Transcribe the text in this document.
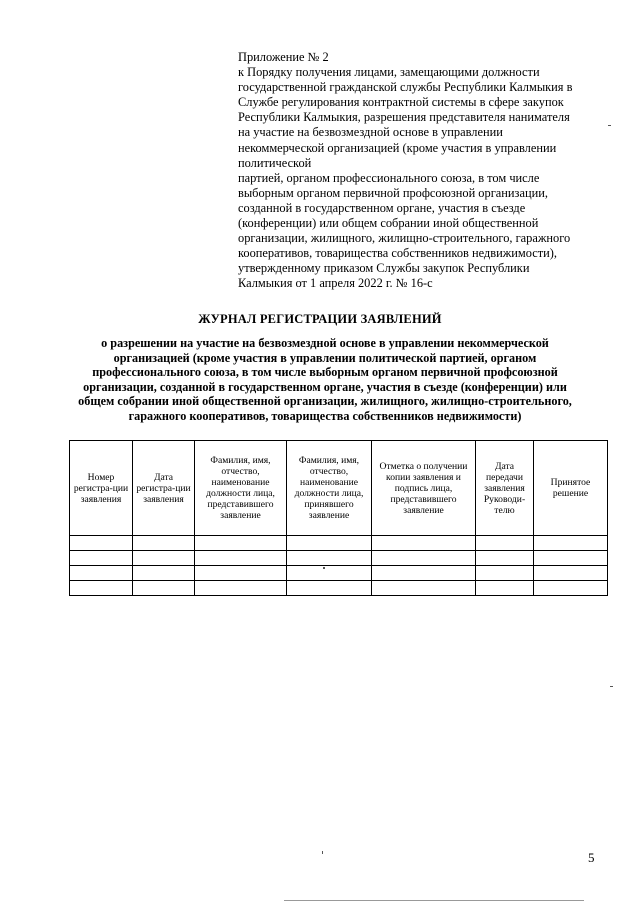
Приложение № 2
к Порядку получения лицами, замещающими должности
государственной гражданской службы Республики Калмыкия в
Службе регулирования контрактной системы в сфере закупок
Республики Калмыкия, разрешения представителя нанимателя
на участие на безвозмездной основе в управлении
некоммерческой организацией (кроме участия в управлении
политической
партией, органом профессионального союза, в том числе
выборным органом первичной профсоюзной организации,
созданной в государственном органе, участия в съезде
(конференции) или общем собрании иной общественной
организации, жилищного, жилищно-строительного, гаражного
кооперативов, товарищества собственников недвижимости),
утвержденному приказом Службы закупок Республики
Калмыкия от 1 апреля 2022 г. № 16-с
ЖУРНАЛ РЕГИСТРАЦИИ ЗАЯВЛЕНИЙ
о разрешении на участие на безвозмездной основе в управлении некоммерческой
организацией (кроме участия в управлении политической партией, органом
профессионального союза, в том числе выборным органом первичной профсоюзной
организации, созданной в государственном органе, участия в съезде (конференции) или
общем собрании иной общественной организации, жилищного, жилищно-строительного,
гаражного кооперативов, товарищества собственников недвижимости)
Номер регистра-ции заявления	Дата регистра-ции заявления	Фамилия, имя, отчество, наименование должности лица, представившего заявление	Фамилия, имя, отчество, наименование должности лица, принявшего заявление	Отметка о получении копии заявления и подпись лица, представившего заявление	Дата передачи заявления Руководи-телю	Принятое решение

5
